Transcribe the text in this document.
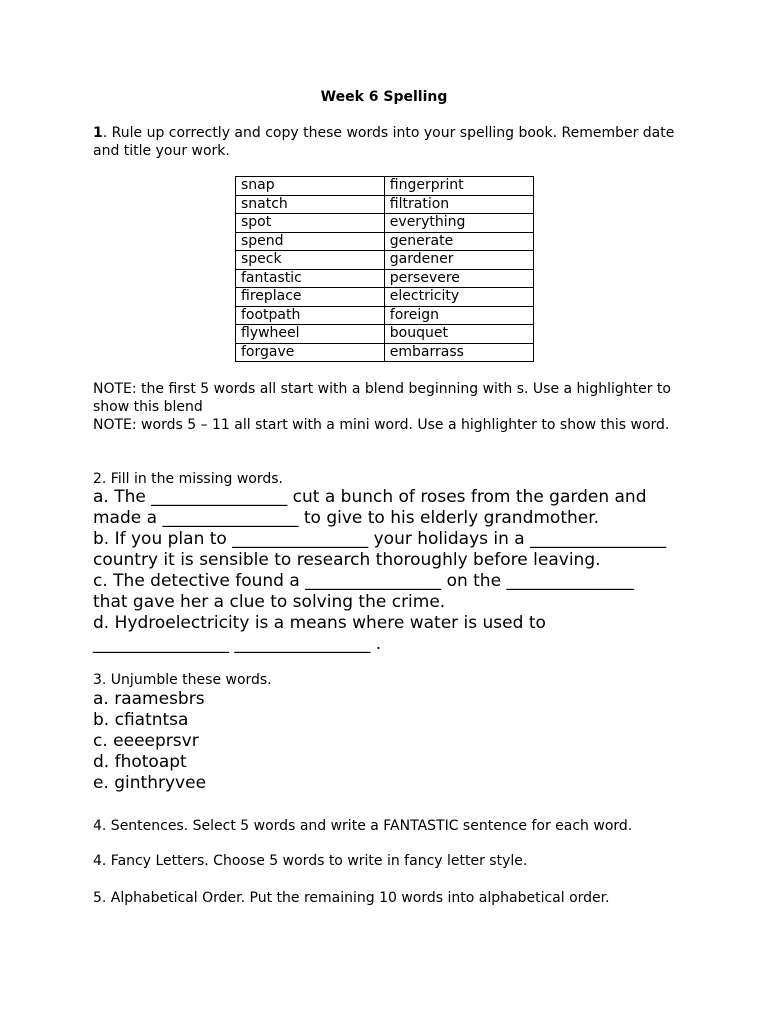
Week 6 Spelling
1. Rule up correctly and copy these words into your spelling book. Remember date and title your work.
snap	fingerprint
snatch	filtration
spot	everything
spend	generate
speck	gardener
fantastic	persevere
fireplace	electricity
footpath	foreign
flywheel	bouquet
forgave	embarrass
NOTE: the first 5 words all start with a blend beginning with s. Use a highlighter to show this blend
NOTE: words 5 – 11 all start with a mini word. Use a highlighter to show this word.
2. Fill in the missing words.
a. The ________________ cut a bunch of roses from the garden and
made a ________________ to give to his elderly grandmother.
b. If you plan to ________________ your holidays in a ________________
country it is sensible to research thoroughly before leaving.
c. The detective found a ________________ on the _______________
that gave her a clue to solving the crime.
d. Hydroelectricity is a means where water is used to
________________ ________________ .
3. Unjumble these words.
a. raamesbrs
b. cfiatntsa
c. eeeeprsvr
d. fhotoapt
e. ginthryvee
4. Sentences. Select 5 words and write a FANTASTIC sentence for each word.
4. Fancy Letters. Choose 5 words to write in fancy letter style.
5. Alphabetical Order. Put the remaining 10 words into alphabetical order.
